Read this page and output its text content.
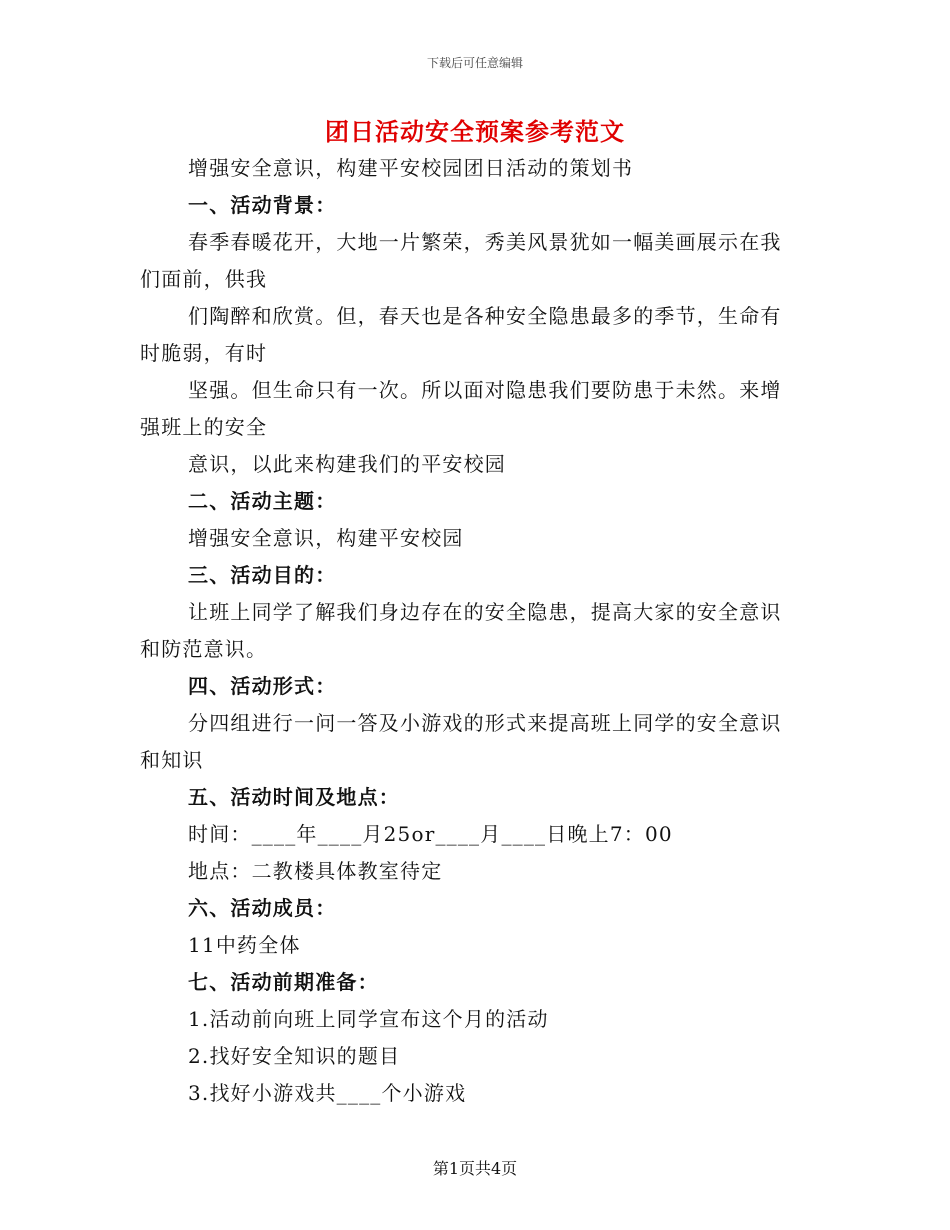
下载后可任意编辑
团日活动安全预案参考范文
增强安全意识，构建平安校园团日活动的策划书
一、活动背景：
春季春暖花开，大地一片繁荣，秀美风景犹如一幅美画展示在我
们面前，供我
们陶醉和欣赏。但，春天也是各种安全隐患最多的季节，生命有
时脆弱，有时
坚强。但生命只有一次。所以面对隐患我们要防患于未然。来增
强班上的安全
意识，以此来构建我们的平安校园
二、活动主题：
增强安全意识，构建平安校园
三、活动目的：
让班上同学了解我们身边存在的安全隐患，提高大家的安全意识
和防范意识。
四、活动形式：
分四组进行一问一答及小游戏的形式来提高班上同学的安全意识
和知识
五、活动时间及地点：
时间：____年____月25or____月____日晚上7：00
地点：二教楼具体教室待定
六、活动成员：
11中药全体
七、活动前期准备：
1.活动前向班上同学宣布这个月的活动
2.找好安全知识的题目
3.找好小游戏共____个小游戏
第1页共4页
